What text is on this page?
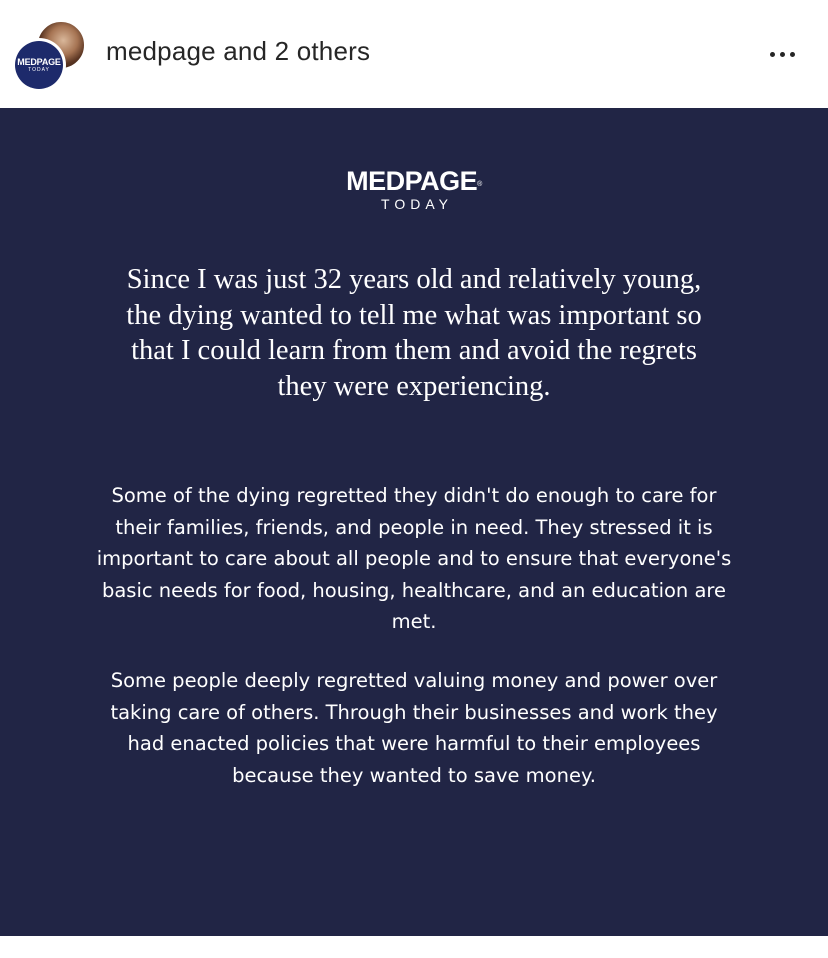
MEDPAGE
TODAY
medpage and 2 others
MEDPAGE®
TODAY
Since I was just 32 years old and relatively young, the dying wanted to tell me what was important so that I could learn from them and avoid the regrets they were experiencing.
Some of the dying regretted they didn't do enough to care for their families, friends, and people in need. They stressed it is important to care about all people and to ensure that everyone's basic needs for food, housing, healthcare, and an education are met.
Some people deeply regretted valuing money and power over taking care of others. Through their businesses and work they had enacted policies that were harmful to their employees because they wanted to save money.
